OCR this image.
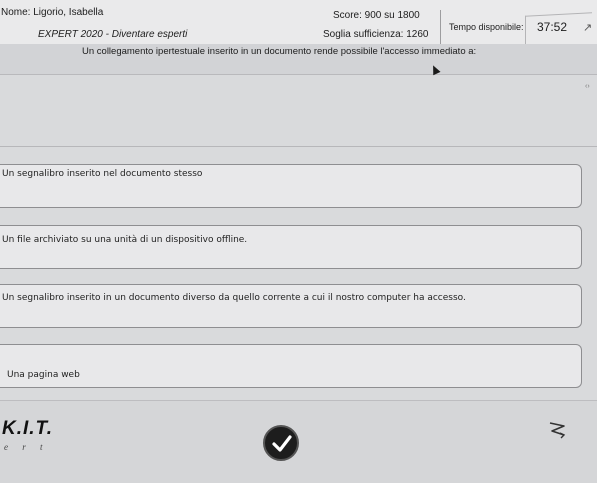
Nome: Ligorio, Isabella
EXPERT 2020 - Diventare esperti
Score: 900 su 1800
Soglia sufficienza: 1260
Tempo disponibile: 37:52 ↗
Un collegamento ipertestuale inserito in un documento rende possibile l'accesso immediato a:
‹›
Un segnalibro inserito nel documento stesso
Un file archiviato su una unità di un dispositivo offline.
Un segnalibro inserito in un documento diverso da quello corrente a cui il nostro computer ha accesso.
Una pagina web
K.I.T.
e r t
